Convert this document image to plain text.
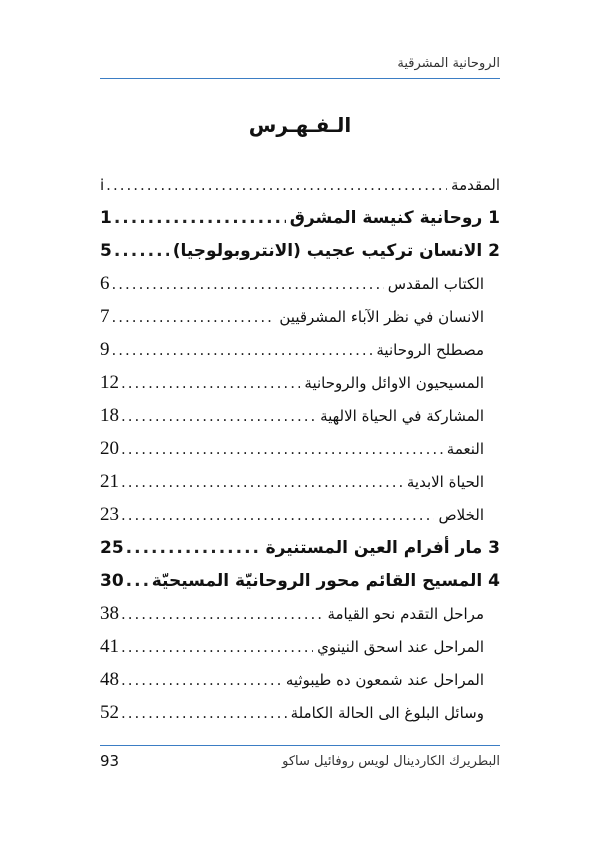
الروحانية المشرقية
الـفـهـرس
المقدمة
.....
i
1 روحانية كنيسة المشرق
.....
1
2 الانسان تركيب عجيب (الانتروبولوجيا)
.....
5
الكتاب المقدس
.....
6
الانسان في نظر الآباء المشرقيين
.....
7
مصطلح الروحانية
.....
9
المسيحيون الاوائل والروحانية
.....
12
المشاركة في الحياة الالهية
.....
18
النعمة
.....
20
الحياة الابدية
.....
21
الخلاص
.....
23
3 مار أفرام العين المستنيرة
.....
25
4 المسيح القائم محور الروحانيّة المسيحيّة
.....
30
مراحل التقدم نحو القيامة
.....
38
المراحل عند اسحق النينوي
.....
41
المراحل عند شمعون ده طيبوثيه
.....
48
وسائل البلوغ الى الحالة الكاملة
.....
52
البطريرك الكاردينال لويس روفائيل ساكو
93
